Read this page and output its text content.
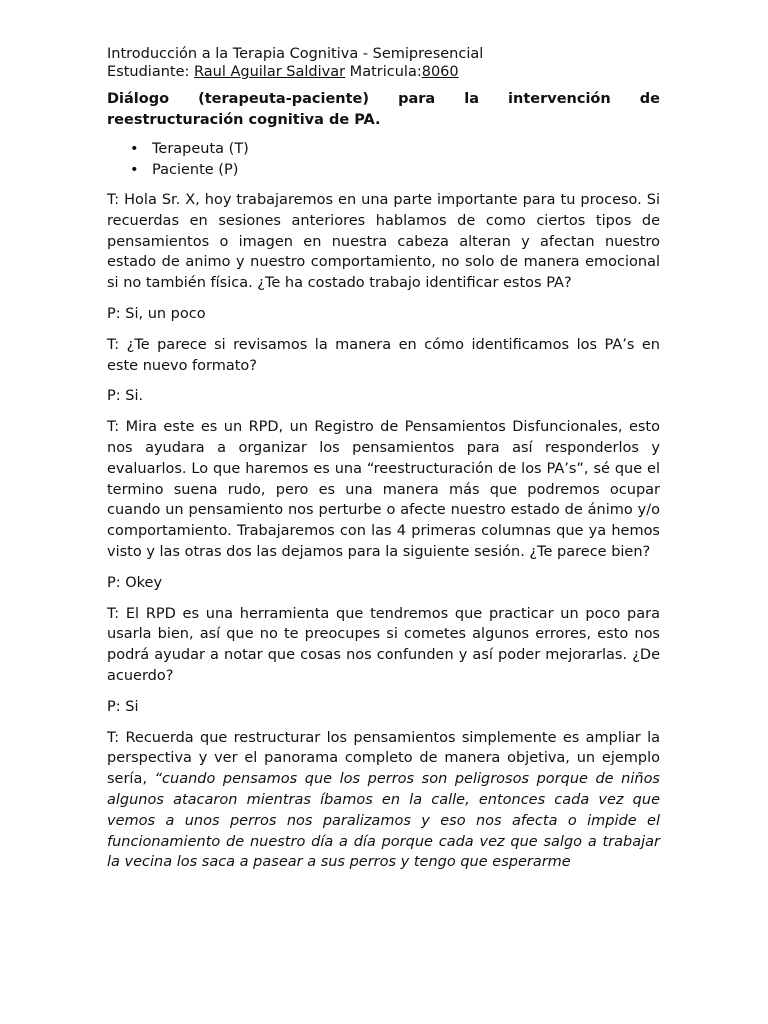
Introducción a la Terapia Cognitiva - Semipresencial

Estudiante: Raul Aguilar Saldivar Matricula:8060

Diálogo (terapeuta-paciente) para la intervención de reestructuración cognitiva de PA.

• Terapeuta (T)
• Paciente (P)

T: Hola Sr. X, hoy trabajaremos en una parte importante para tu proceso. Si recuerdas en sesiones anteriores hablamos de como ciertos tipos de pensamientos o imagen en nuestra cabeza alteran y afectan nuestro estado de animo y nuestro comportamiento, no solo de manera emocional si no también física. ¿Te ha costado trabajo identificar estos PA?

P: Si, un poco

T: ¿Te parece si revisamos la manera en cómo identificamos los PA’s en este nuevo formato?

P: Si.

T: Mira este es un RPD, un Registro de Pensamientos Disfuncionales, esto nos ayudara a organizar los pensamientos para así responderlos y evaluarlos. Lo que haremos es una “reestructuración de los PA’s”, sé que el termino suena rudo, pero es una manera más que podremos ocupar cuando un pensamiento nos perturbe o afecte nuestro estado de ánimo y/o comportamiento. Trabajaremos con las 4 primeras columnas que ya hemos visto y las otras dos las dejamos para la siguiente sesión. ¿Te parece bien?

P: Okey

T: El RPD es una herramienta que tendremos que practicar un poco para usarla bien, así que no te preocupes si cometes algunos errores, esto nos podrá ayudar a notar que cosas nos confunden y así poder mejorarlas. ¿De acuerdo?

P: Si

T: Recuerda que restructurar los pensamientos simplemente es ampliar la perspectiva y ver el panorama completo de manera objetiva, un ejemplo sería, “cuando pensamos que los perros son peligrosos porque de niños algunos atacaron mientras íbamos en la calle, entonces cada vez que vemos a unos perros nos paralizamos y eso nos afecta o impide el funcionamiento de nuestro día a día porque cada vez que salgo a trabajar la vecina los saca a pasear a sus perros y tengo que esperarme
